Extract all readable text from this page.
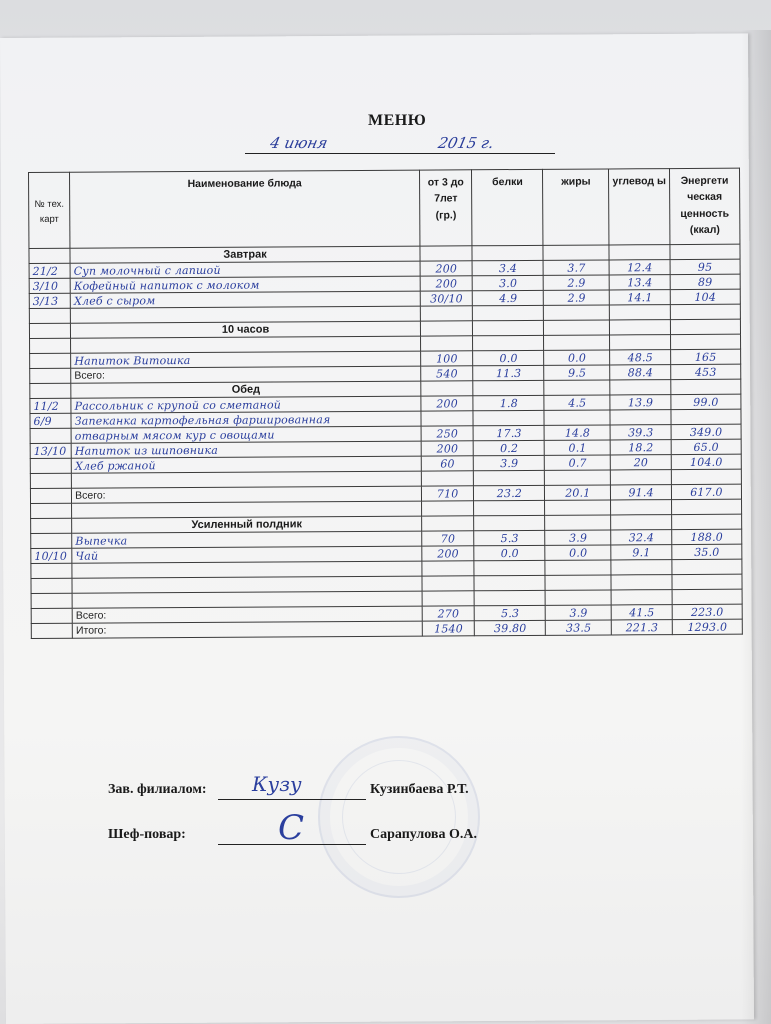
МЕНЮ
4 июня	2015 г.
№ тех. карт	Наименование блюда	от 3 до 7лет (гр.)	белки	жиры	углевод ы	Энергети ческая ценность (ккал)
	Завтрак					
21/2	Суп молочный с лапшой	200	3.4	3.7	12.4	95
3/10	Кофейный напиток с молоком	200	3.0	2.9	13.4	89
3/13	Хлеб с сыром	30/10	4.9	2.9	14.1	104

	10 часов					

	Напиток Витошка	100	0.0	0.0	48.5	165
	Всего:	540	11.3	9.5	88.4	453
	Обед					
11/2	Рассольник с крупой со сметаной	200	1.8	4.5	13.9	99.0
6/9	Запеканка картофельная фаршированная					
	отварным мясом кур с овощами	250	17.3	14.8	39.3	349.0
13/10	Напиток из шиповника	200	0.2	0.1	18.2	65.0
	Хлеб ржаной	60	3.9	0.7	20	104.0

	Всего:	710	23.2	20.1	91.4	617.0

	Усиленный полдник					
	Выпечка	70	5.3	3.9	32.4	188.0
10/10	Чай	200	0.0	0.0	9.1	35.0

	Всего:	270	5.3	3.9	41.5	223.0
	Итого:	1540	39.80	33.5	221.3	1293.0
Зав. филиалом: Кузу	Кузинбаева Р.Т.
Шеф-повар:	С	Сарапулова О.А.
